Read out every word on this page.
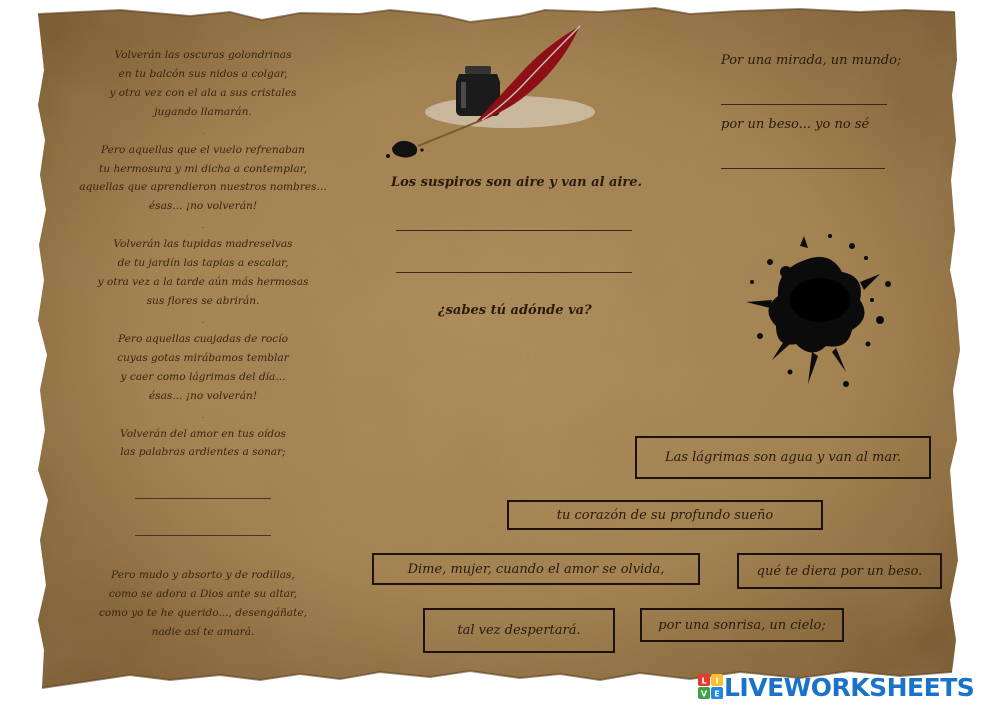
Volverán las oscuras golondrinas
en tu balcón sus nidos a colgar,
y otra vez con el ala a sus cristales
jugando llamarán.
.
Pero aquellas que el vuelo refrenaban
tu hermosura y mi dicha a contemplar,
aquellas que aprendieron nuestros nombres...
ésas... ¡no volverán!
.
Volverán las tupidas madreselvas
de tu jardín las tapias a escalar,
y otra vez a la tarde aún más hermosas
sus flores se abrirán.
.
Pero aquellas cuajadas de rocío
cuyas gotas mirábamos temblar
y caer como lágrimas del día...
ésas... ¡no volverán!
.
Volverán del amor en tus oídos
las palabras ardientes a sonar;
Pero mudo y absorto y de rodillas,
como se adora a Dios ante su altar,
como yo te he querido..., desengáñate,
nadie así te amará.
Los suspiros son aire y van al aire.
¿sabes tú adónde va?
Por una mirada, un mundo;
por un beso... yo no sé
Las lágrimas son agua y van al mar.
tu corazón de su profundo sueño
Dime, mujer, cuando el amor se olvida,	qué te diera por un beso.
tal vez despertará.	por una sonrisa, un cielo;
L I
V E LIVEWORKSHEETS
